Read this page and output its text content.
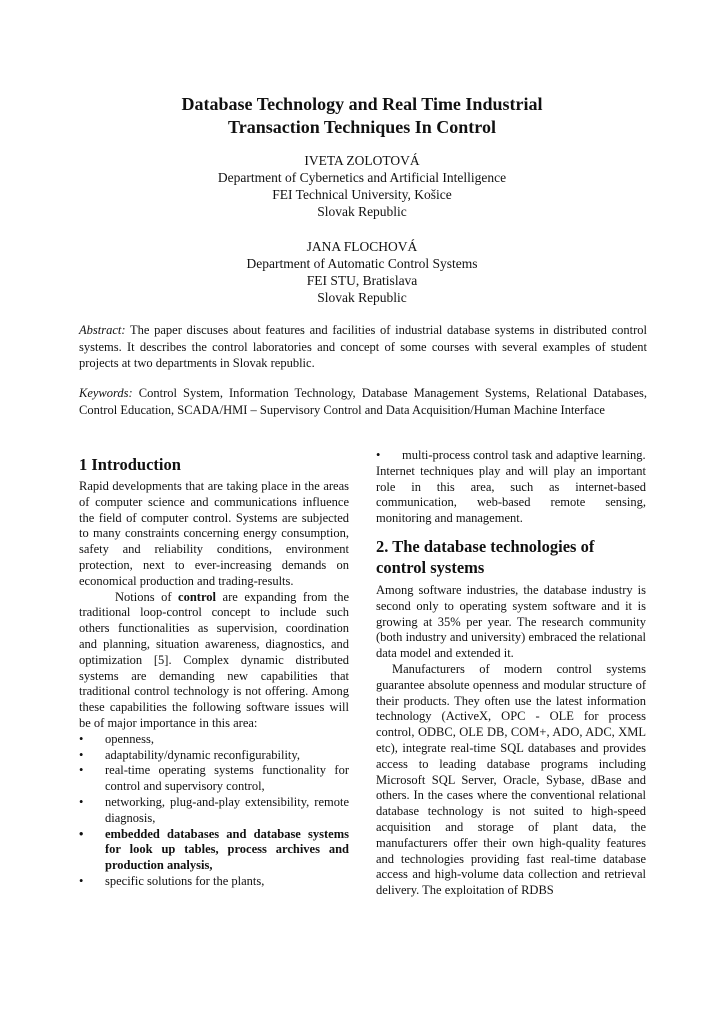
Database Technology and Real Time Industrial
Transaction Techniques In Control
IVETA ZOLOTOVÁ
Department of Cybernetics and Artificial Intelligence
FEI Technical University, Košice
Slovak Republic
JANA FLOCHOVÁ
Department of Automatic Control Systems
FEI STU, Bratislava
Slovak Republic
Abstract: The paper discuses about features and facilities of industrial database systems in distributed control systems. It describes the control laboratories and concept of some courses with several examples of student projects at two departments in Slovak republic.
Keywords: Control System, Information Technology, Database Management Systems, Relational Databases, Control Education, SCADA/HMI – Supervisory Control and Data Acquisition/Human Machine Interface
1 Introduction

Rapid developments that are taking place in the areas of computer science and communications influence the field of computer control. Systems are subjected to many constraints concerning energy consumption, safety and reliability conditions, environment protection, next to ever-increasing demands on economical production and trading-results.

Notions of control are expanding from the traditional loop-control concept to include such others functionalities as supervision, coordination and planning, situation awareness, diagnostics, and optimization [5]. Complex dynamic distributed systems are demanding new capabilities that traditional control technology is not offering. Among these capabilities the following software issues will be of major importance in this area:

• openness,
• adaptability/dynamic reconfigurability,
• real-time operating systems functionality for control and supervisory control,
• networking, plug-and-play extensibility, remote diagnosis,
• embedded databases and database systems for look up tables, process archives and production analysis,
• specific solutions for the plants,
• multi-process control task and adaptive learning.

Internet techniques play and will play an important role in this area, such as internet-based communication, web-based remote sensing, monitoring and management.

2. The database technologies of control systems

Among software industries, the database industry is second only to operating system software and it is growing at 35% per year. The research community (both industry and university) embraced the relational data model and extended it.

Manufacturers of modern control systems guarantee absolute openness and modular structure of their products. They often use the latest information technology (ActiveX, OPC - OLE for process control, ODBC, OLE DB, COM+, ADO, ADC, XML etc), integrate real-time SQL databases and provides access to leading database programs including Microsoft SQL Server, Oracle, Sybase, dBase and others. In the cases where the conventional relational database technology is not suited to high-speed acquisition and storage of plant data, the manufacturers offer their own high-quality features and technologies providing fast real-time database access and high-volume data collection and retrieval delivery. The exploitation of RDBS
